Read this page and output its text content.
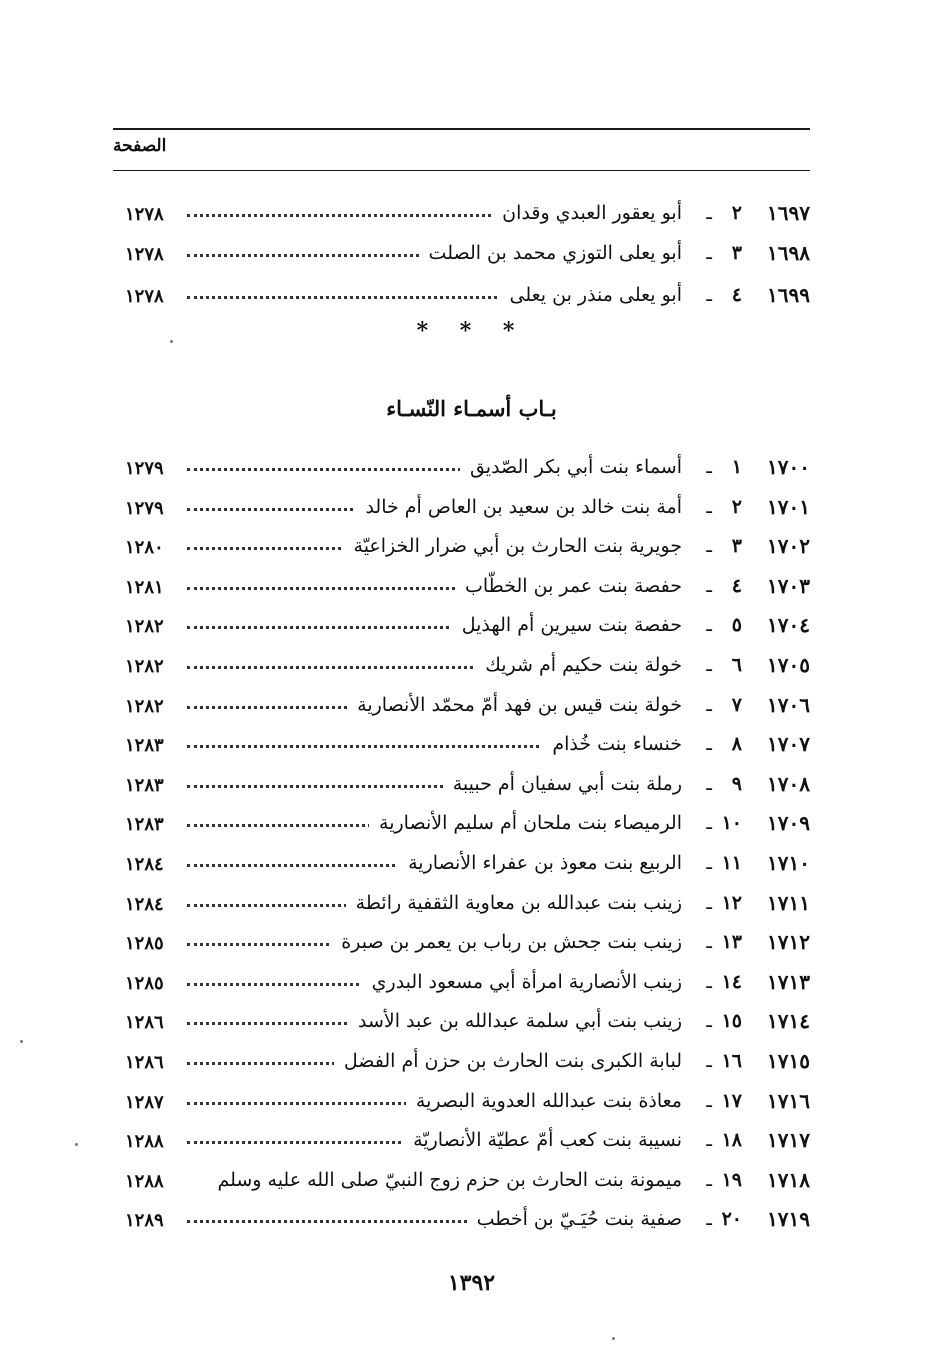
الصفحة
١٦٩٧
٢
ـ
أبو يعقور العبدي وقدان
١٢٧٨
١٦٩٨
٣
ـ
أبو يعلى التوزي محمد بن الصلت
١٢٧٨
١٦٩٩
٤
ـ
أبو يعلى منذر بن يعلى
١٢٧٨
* * *
بـاب أسمـاء النّسـاء
١٧٠٠
١
ـ
أسماء بنت أبي بكر الصّديق
١٢٧٩
١٧٠١
٢
ـ
أمة بنت خالد بن سعيد بن العاص أم خالد
١٢٧٩
١٧٠٢
٣
ـ
جويرية بنت الحارث بن أبي ضرار الخزاعيّة
١٢٨٠
١٧٠٣
٤
ـ
حفصة بنت عمر بن الخطّاب
١٢٨١
١٧٠٤
٥
ـ
حفصة بنت سيرين أم الهذيل
١٢٨٢
١٧٠٥
٦
ـ
خولة بنت حكيم أم شريك
١٢٨٢
١٧٠٦
٧
ـ
خولة بنت قيس بن فهد أمّ محمّد الأنصارية
١٢٨٢
١٧٠٧
٨
ـ
خنساء بنت خُذام
١٢٨٣
١٧٠٨
٩
ـ
رملة بنت أبي سفيان أم حبيبة
١٢٨٣
١٧٠٩
١٠
ـ
الرميصاء بنت ملحان أم سليم الأنصارية
١٢٨٣
١٧١٠
١١
ـ
الربيع بنت معوذ بن عفراء الأنصارية
١٢٨٤
١٧١١
١٢
ـ
زينب بنت عبدالله بن معاوية الثقفية رائطة
١٢٨٤
١٧١٢
١٣
ـ
زينب بنت جحش بن رباب بن يعمر بن صبرة
١٢٨٥
١٧١٣
١٤
ـ
زينب الأنصارية امرأة أبي مسعود البدري
١٢٨٥
١٧١٤
١٥
ـ
زينب بنت أبي سلمة عبدالله بن عبد الأسد
١٢٨٦
١٧١٥
١٦
ـ
لبابة الكبرى بنت الحارث بن حزن أم الفضل
١٢٨٦
١٧١٦
١٧
ـ
معاذة بنت عبدالله العدوية البصرية
١٢٨٧
١٧١٧
١٨
ـ
نسيبة بنت كعب أمّ عطيّة الأنصاريّة
١٢٨٨
١٧١٨
١٩
ـ
ميمونة بنت الحارث بن حزم زوج النبيّ صلى الله عليه وسلم
١٢٨٨
١٧١٩
٢٠
ـ
صفية بنت حُيَـيّ بن أخطب
١٢٨٩
١٣٩٢
